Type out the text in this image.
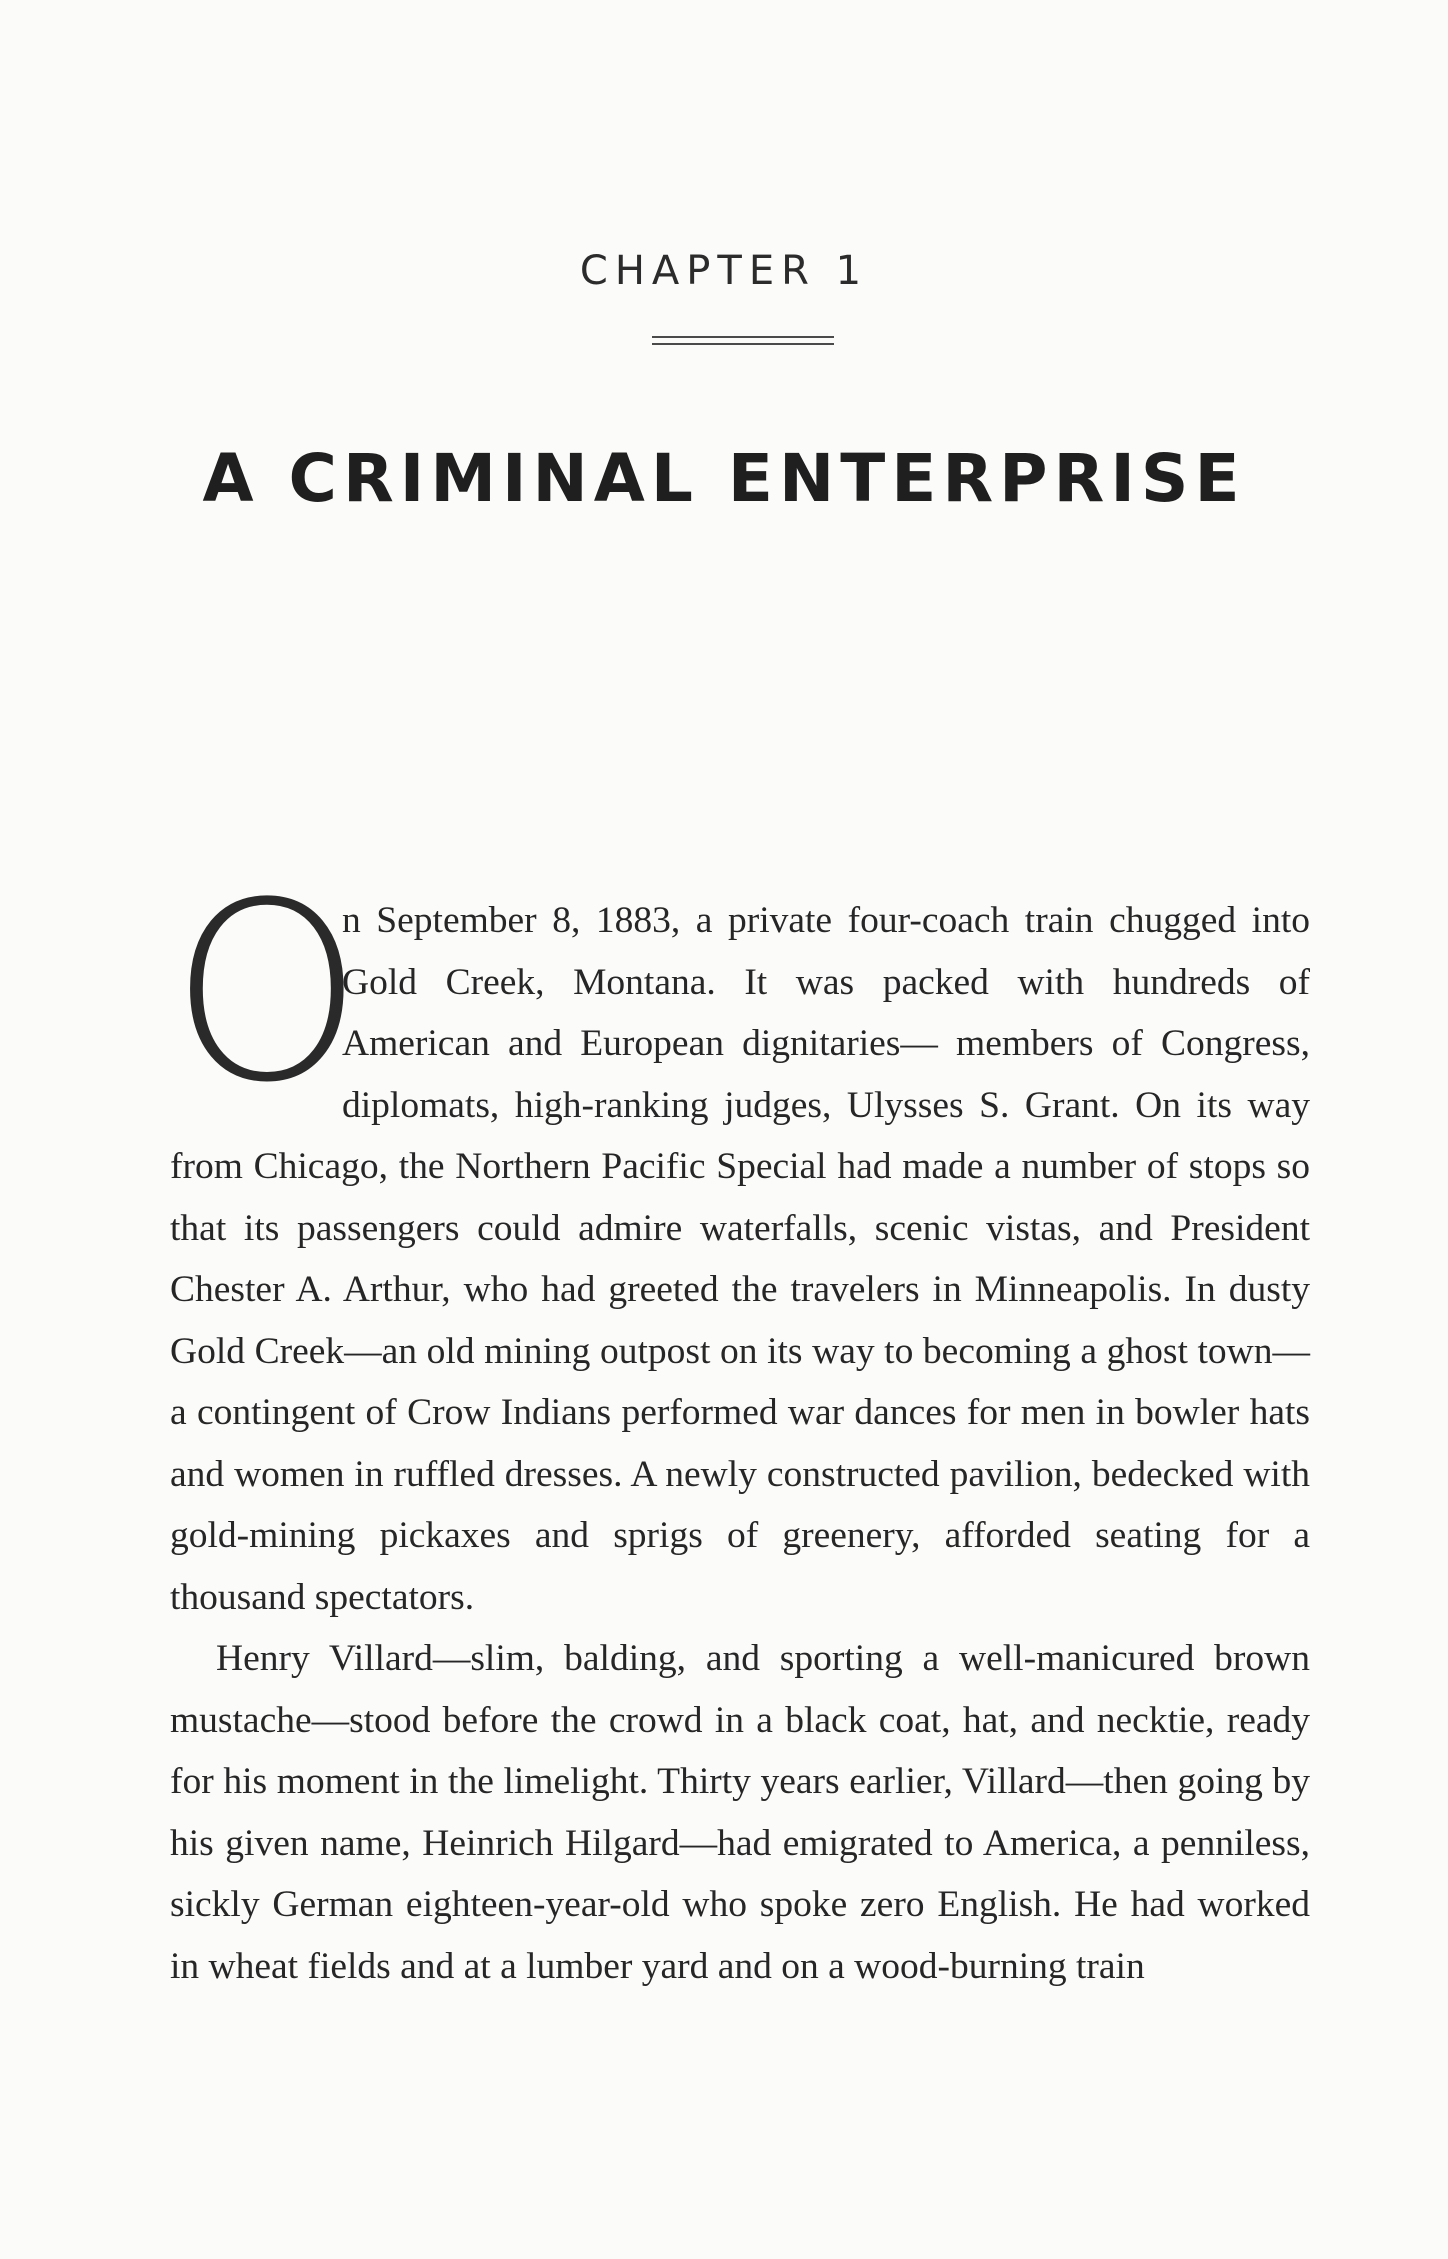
CHAPTER 1
A CRIMINAL ENTERPRISE

O
n September 8, 1883, a private four-coach train chugged into Gold Creek, Montana. It was packed with hundreds of American and European dignitaries— members of Congress, diplomats, high-ranking judges, Ulysses S. Grant. On its way from Chicago, the Northern Pacific Special had made a number of stops so that its passengers could admire waterfalls, scenic vistas, and President Chester A. Arthur, who had greeted the travelers in Minneapolis. In dusty Gold Creek—an old mining outpost on its way to becoming a ghost town—a contingent of Crow Indians performed war dances for men in bowler hats and women in ruffled dresses. A newly constructed pavilion, bedecked with gold-mining pickaxes and sprigs of greenery, afforded seating for a thousand spectators.

Henry Villard—slim, balding, and sporting a well-manicured brown mustache—stood before the crowd in a black coat, hat, and necktie, ready for his moment in the limelight. Thirty years earlier, Villard—then going by his given name, Heinrich Hilgard—had emigrated to America, a penniless, sickly German eighteen-year-old who spoke zero English. He had worked in wheat fields and at a lumber yard and on a wood-burning train
